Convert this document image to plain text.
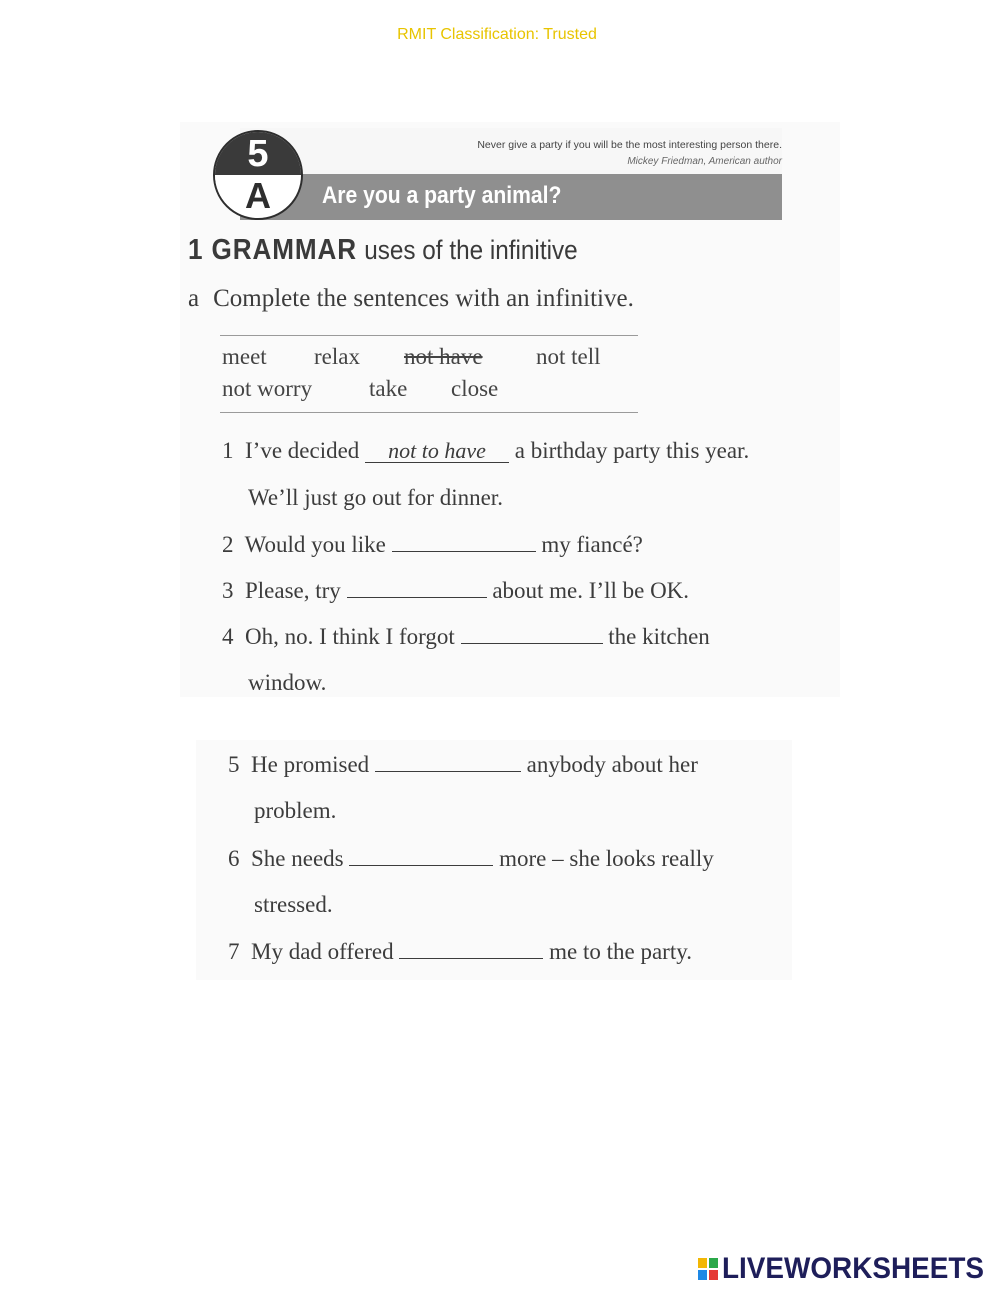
RMIT Classification: Trusted
Never give a party if you will be the most interesting person there.
Mickey Friedman, American author
5
A	Are you a party animal?
1 GRAMMAR uses of the infinitive
a Complete the sentences with an infinitive.
meet relax not have not tell
not worry take close
1 I’ve decided not to have a birthday party this year.
We’ll just go out for dinner.
2 Would you like	my fiancé?
3 Please, try	about me. I’ll be OK.
4 Oh, no. I think I forgot	the kitchen
window.
5 He promised	anybody about her
problem.
6 She needs	more – she looks really
stressed.
7 My dad offered	me to the party.
LIVEWORKSHEETS
